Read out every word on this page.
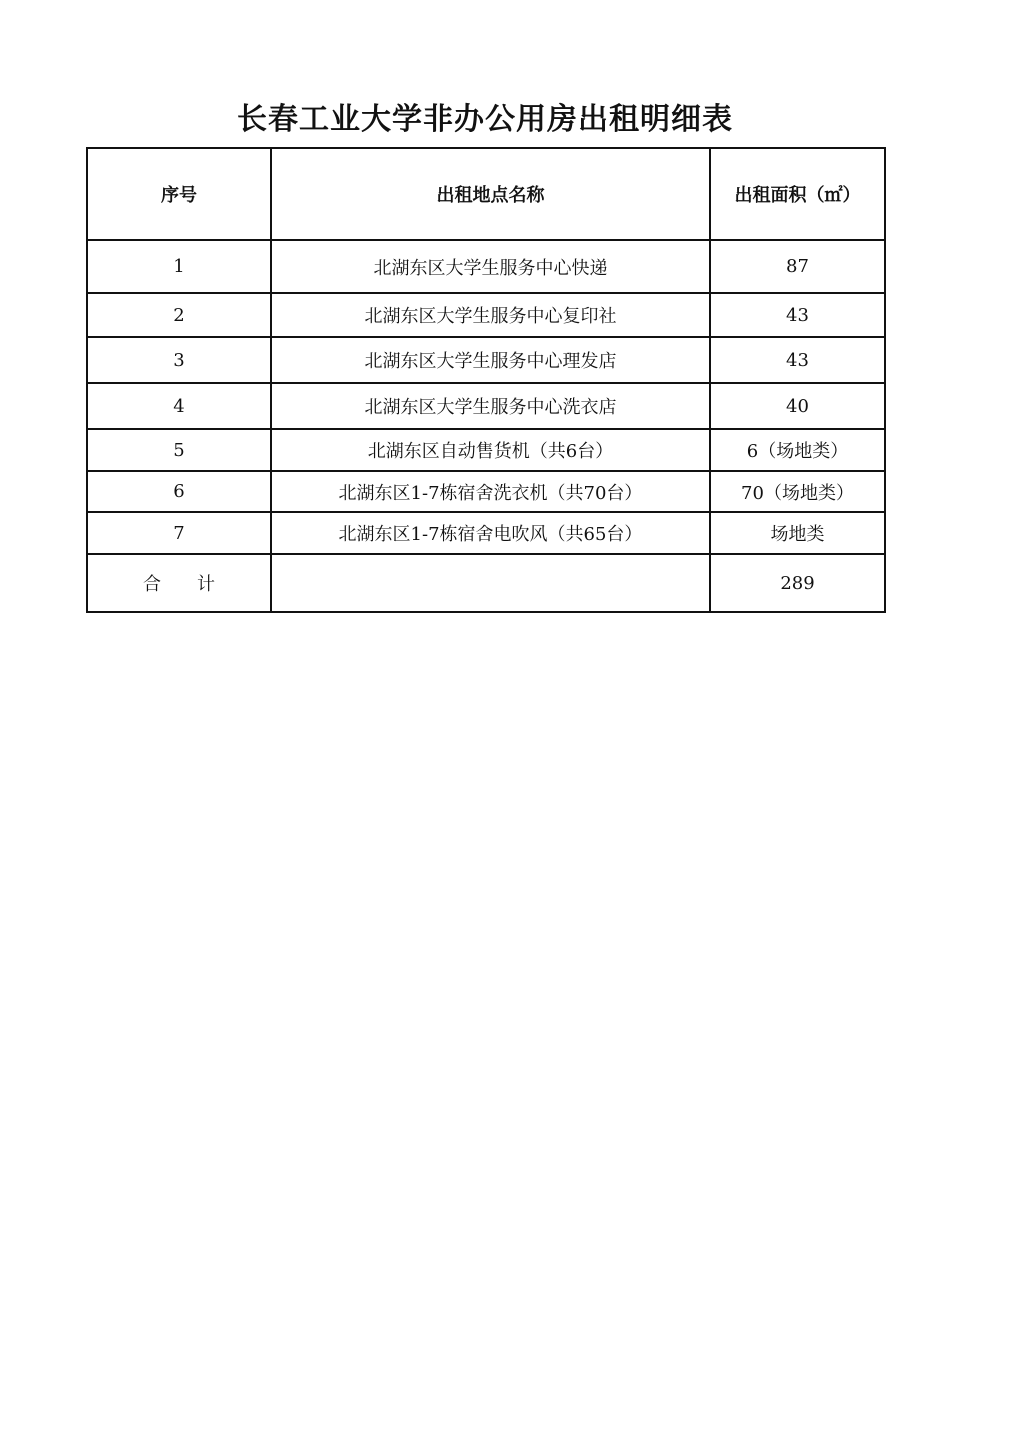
长春工业大学非办公用房出租明细表
序号	出租地点名称	出租面积（㎡）
1	北湖东区大学生服务中心快递	87
2	北湖东区大学生服务中心复印社	43
3	北湖东区大学生服务中心理发店	43
4	北湖东区大学生服务中心洗衣店	40
5	北湖东区自动售货机（共6台）	6（场地类）
6	北湖东区1-7栋宿舍洗衣机（共70台）	70（场地类）
7	北湖东区1-7栋宿舍电吹风（共65台）	场地类
合　　计		289
